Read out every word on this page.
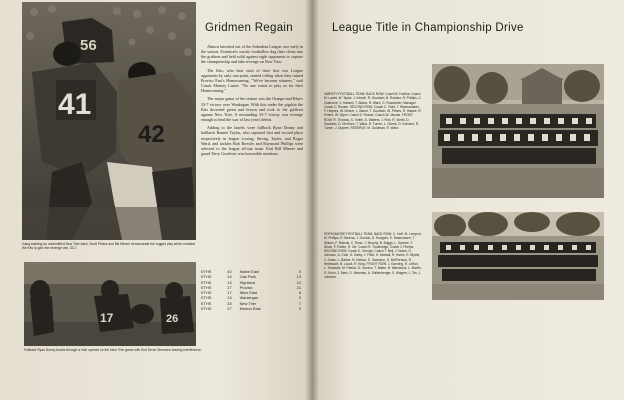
56
41
42
Gang-tackling an unidentified New Trier back, Scott Peters and Bill Mineer demonstrate the rugged play which enabled the Kits to gain the revenge win, 33-7.
17	26
Fullback Ryan Donny bursts through a hole opened on the New Trier game with End Devin Simmons leading interference.
Gridmen Regain

Almost knocked out of the Suburban League race early in the season, Evanston's varsity footballers dug their cleats into the gridiron and held solid against eight opponents to capture the championship and take revenge on New Trier.

The Kits, who beat each of their first two League opponents by only one point, started rolling when they ruined Proviso East's Homecoming. "We've become winners," said Coach Murney Lazier. "No one wants to play us for their Homecoming."

The major game of the season was the Orange-and-Blue's 33-7 victory over Waukegan. With this under the pigskin the Kits drowned green and brown and took to the gridiron against New Trier. A resounding 33-7 victory was revenge enough to heal the scar of last year's defeat.

Adding to the laurels were fullback Ryan Donny and halfback Ronnie Taylor, who captured first and second place respectively in league scoring. Strong, Taylor, and Roger Ward, and tackles Bob Roesler and Raymond Phillips were selected to the league all-star team. End Bill Mineer and guard Terry Goodwin won honorable mentions.

ETHS	40	Maine East	0
ETHS	14	Oak Park	13
ETHS	13	Highland	12
ETHS	27	Proviso	21
ETHS	17	Niles East	6
ETHS	13	Waukegan	0
ETHS	33	New Trier	7
ETHS	27	Morton East	0
League Title in Championship Drive
VARSITY FOOTBALL TEAM: BACK ROW: Coach B. Hurlbut, Coach M. Lazier, M. Taylor, J. Kinsell, R. Goodwin, B. Roesler, R. Phillips, C. Claiborne, V. Haskell, T. Atkins, R. Ward, G. Rossmeier, Manager. Coach C. Rosser. SECOND ROW: Coach C. Todd, T. Wannamaker, F. Haynes, W. Mineer, L. Bauer, T. Goodwin, W. Peters, R. Hassie, R. Peters, W. Wynn, Coach D. Rosser, Coach W. Jacobs. FRONT ROW: R. Thomas, S. Smith, D. Walters, J. Fink, R. Smith, D. Gosselin, G. McGhee, T. Ward, R. Turner, L. Cheek, D. Gorrand, R. Turner, J. Dupree. RESERVE: M. Goldman, R. Ward.
SOPHOMORE FOOTBALL TEAM: BACK ROW: C. Hoff, M. Lempert, M. Phillips, R. Bednar, J. Gordon, D. Rodgers, E. Rasmussen, T. Wilson, F. Nichols, C. Rose, J. Murphy, B. Briggs, L. Spence, F. Stock, F. Farlee, R. Orr, Coach R. Trowbridge, Coach J. Phelps. SECOND ROW: Coach E. George, Coach T. Bell, J. Nolan, G. Johnson, A. Cole, G. Dalby, J. Field, S. Kimball, R. Harris, R. Blythe, J. Jones, L. Barker, N. Delson, E. Swanson, D. McPherson, R. Heimbach, B. Lauck, R. King. FRONT ROW: J. Dunning, R. Lefton, L. Tomasek, M. Patrick, D. Gordon, T. Batter, B. Weinstock, L. Martin, G. Kuhn, J. Metz, D. Newman, A. Shillenberger, S. Wagner, L. Tec, L. Johnson.
